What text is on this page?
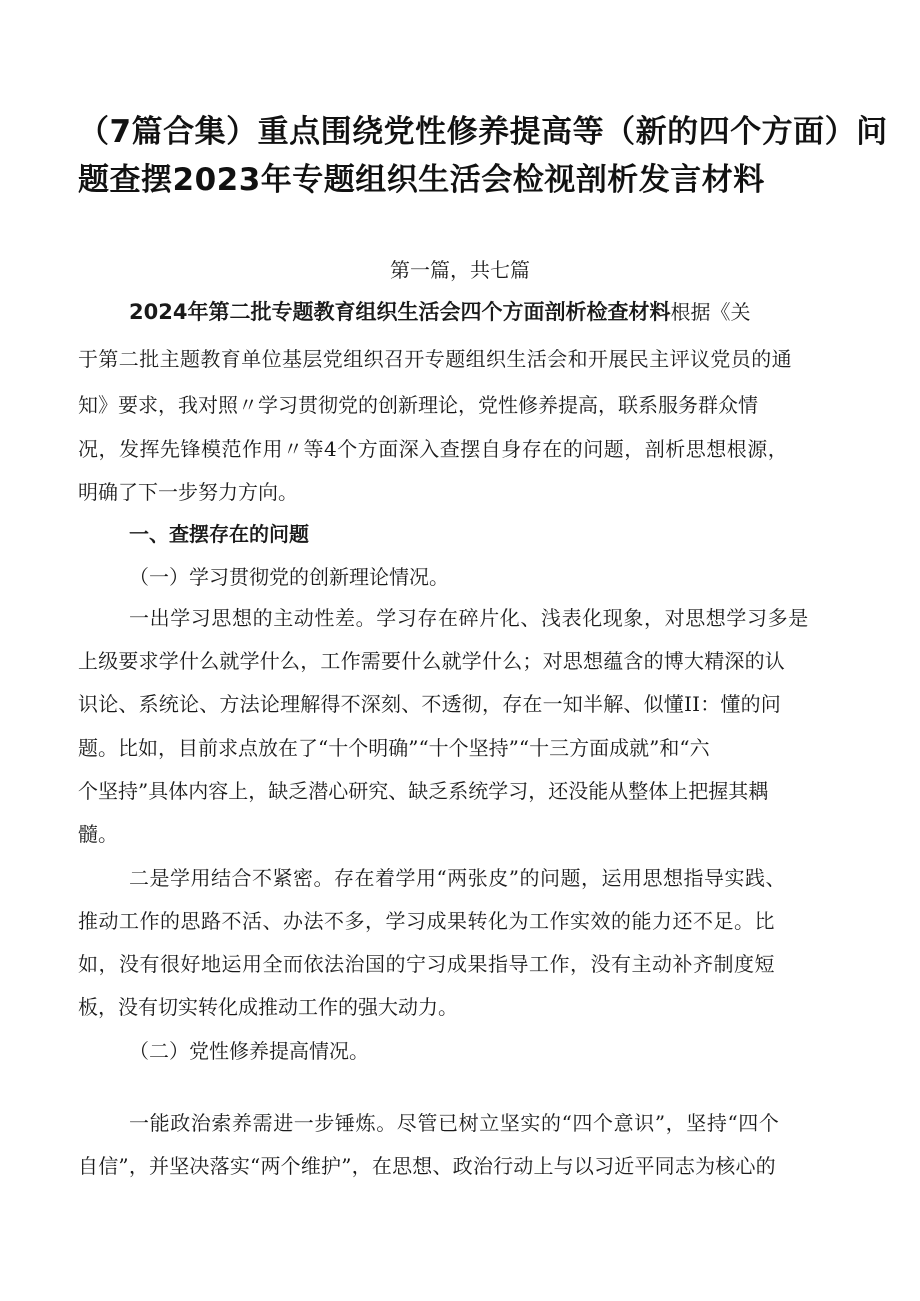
（7篇合集）重点围绕党性修养提高等（新的四个方面）问
题查摆2023年专题组织生活会检视剖析发言材料
第一篇，共七篇
2024年第二批专题教育组织生活会四个方面剖析检查材料根据《关
于第二批主题教育单位基层党组织召开专题组织生活会和开展民主评议党员的通
知》要求，我对照〃学习贯彻党的创新理论，党性修养提高，联系服务群众情
况，发挥先锋模范作用〃等4个方面深入查摆自身存在的问题，剖析思想根源，
明确了下一步努力方向。
一、查摆存在的问题
（一）学习贯彻党的创新理论情况。
一出学习思想的主动性差。学习存在碎片化、浅表化现象，对思想学习多是
上级要求学什么就学什么，工作需要什么就学什么；对思想蕴含的博大精深的认
识论、系统论、方法论理解得不深刻、不透彻，存在一知半解、似懂II：懂的问
题。比如，目前求点放在了“十个明确”“十个坚持”“十三方面成就”和“六
个坚持”具体内容上，缺乏潜心研究、缺乏系统学习，还没能从整体上把握其耦
髓。
二是学用结合不紧密。存在着学用“两张皮”的问题，运用思想指导实践、
推动工作的思路不活、办法不多，学习成果转化为工作实效的能力还不足。比
如，没有很好地运用全而依法治国的宁习成果指导工作，没有主动补齐制度短
板，没有切实转化成推动工作的强大动力。
（二）党性修养提高情况。
一能政治索养需进一步锤炼。尽管已树立坚实的“四个意识”，坚持“四个
自信”，并坚决落实“两个维护”，在思想、政治行动上与以习近平同志为核心的
